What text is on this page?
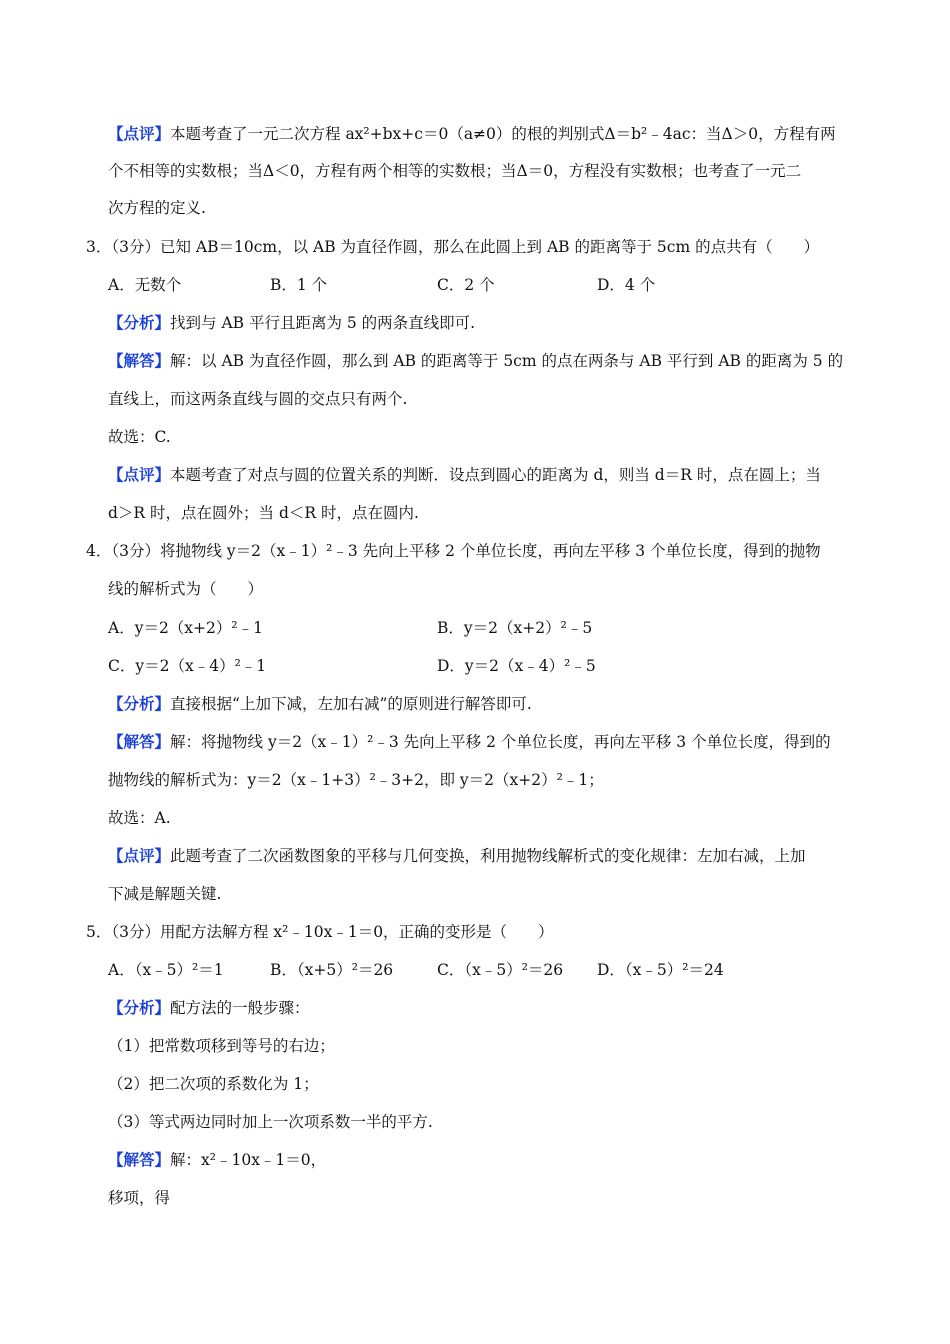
【点评】本题考查了一元二次方程 ax²+bx+c＝0（a≠0）的根的判别式Δ＝b²﹣4ac：当Δ＞0，方程有两
个不相等的实数根；当Δ＜0，方程有两个相等的实数根；当Δ＝0，方程没有实数根；也考查了一元二
次方程的定义.
3．（3分）已知 AB＝10cm，以 AB 为直径作圆，那么在此圆上到 AB 的距离等于 5cm 的点共有（　　）
A．无数个	B．1 个	C．2 个	D．4 个
【分析】找到与 AB 平行且距离为 5 的两条直线即可.
【解答】解：以 AB 为直径作圆，那么到 AB 的距离等于 5cm 的点在两条与 AB 平行到 AB 的距离为 5 的
直线上，而这两条直线与圆的交点只有两个.
故选：C.
【点评】本题考查了对点与圆的位置关系的判断．设点到圆心的距离为 d，则当 d＝R 时，点在圆上；当
d＞R 时，点在圆外；当 d＜R 时，点在圆内.
4．（3分）将抛物线 y＝2（x﹣1）²﹣3 先向上平移 2 个单位长度，再向左平移 3 个单位长度，得到的抛物
线的解析式为（　　）
A．y＝2（x+2）²﹣1	B．y＝2（x+2）²﹣5
C．y＝2（x﹣4）²﹣1	D．y＝2（x﹣4）²﹣5
【分析】直接根据“上加下减，左加右减”的原则进行解答即可.
【解答】解：将抛物线 y＝2（x﹣1）²﹣3 先向上平移 2 个单位长度，再向左平移 3 个单位长度，得到的
抛物线的解析式为：y＝2（x﹣1+3）²﹣3+2，即 y＝2（x+2）²﹣1；
故选：A.
【点评】此题考查了二次函数图象的平移与几何变换，利用抛物线解析式的变化规律：左加右减，上加
下减是解题关键.
5．（3分）用配方法解方程 x²﹣10x﹣1＝0，正确的变形是（　　）
A．（x﹣5）²＝1	B．（x+5）²＝26	C．（x﹣5）²＝26 D．（x﹣5）²＝24
【分析】配方法的一般步骤：
（1）把常数项移到等号的右边；
（2）把二次项的系数化为 1；
（3）等式两边同时加上一次项系数一半的平方.
【解答】解：x²﹣10x﹣1＝0，
移项，得
